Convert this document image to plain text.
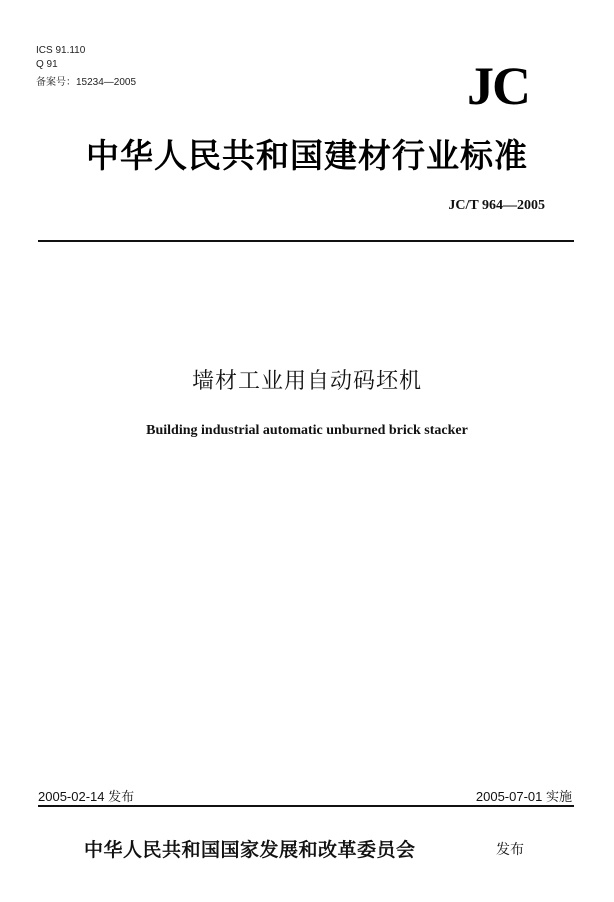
ICS 91.110
Q 91
备案号：15234—2005	JC
中华人民共和国建材行业标准
JC/T 964—2005
墙材工业用自动码坯机
Building industrial automatic unburned brick stacker
2005-02-14 发布	2005-07-01 实施
中华人民共和国国家发展和改革委员会	发布
